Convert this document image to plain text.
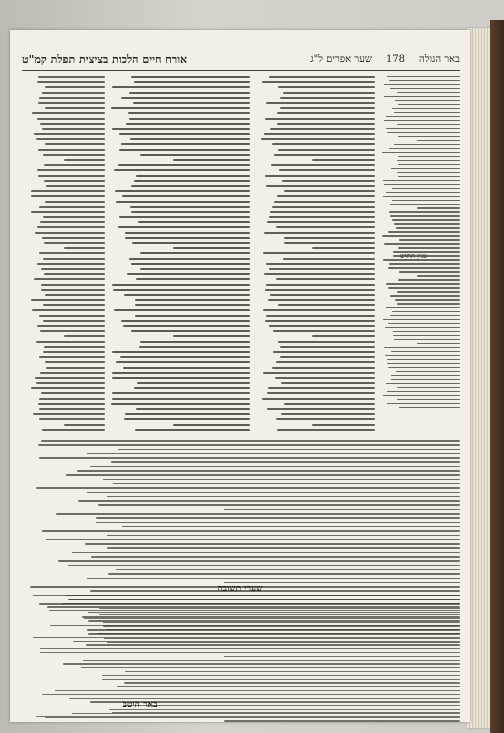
באר הגולה
178
שער אפרים ל"ג
אורח חיים הלכות בציצית תפלת קמ"ט
ענין החוש
שערי תשובה
באר היטב
